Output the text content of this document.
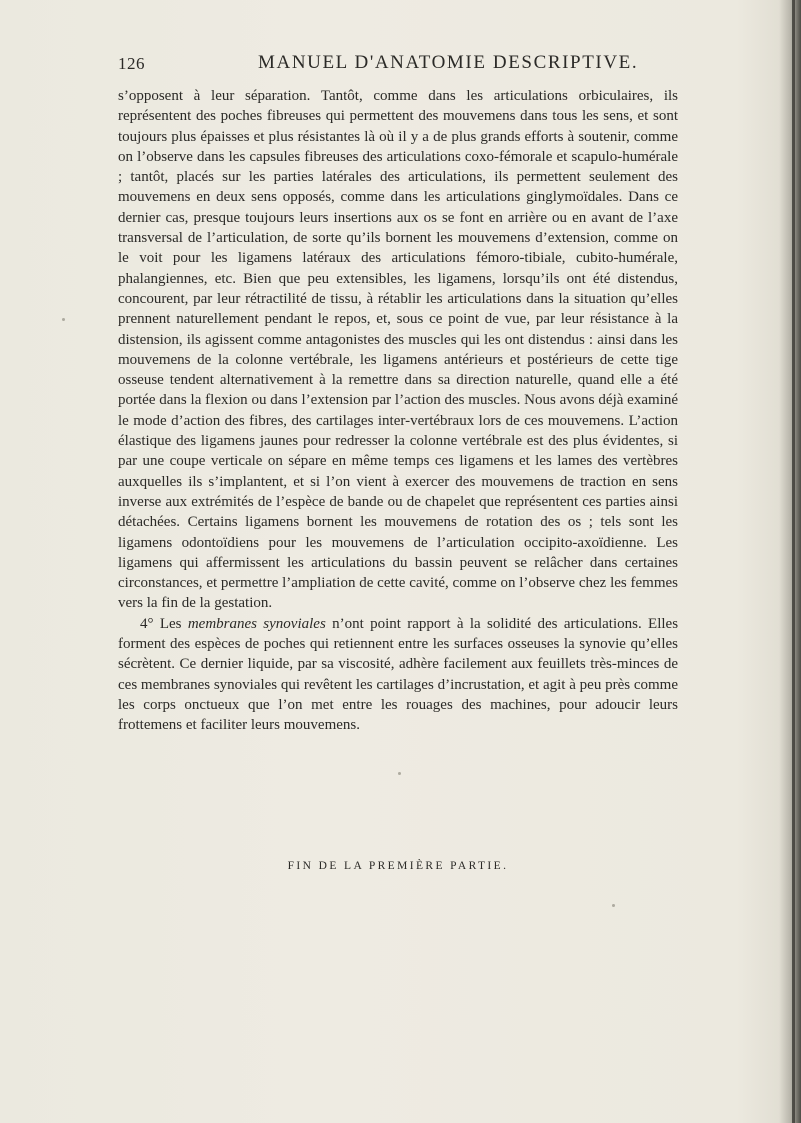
126	MANUEL D'ANATOMIE DESCRIPTIVE.

s’opposent à leur séparation. Tantôt, comme dans les articulations orbiculaires, ils représentent des poches fibreuses qui permettent des mouvemens dans tous les sens, et sont toujours plus épaisses et plus résistantes là où il y a de plus grands efforts à soutenir, comme on l’observe dans les capsules fibreuses des articulations coxo-fémorale et scapulo-humérale ; tantôt, placés sur les parties latérales des articulations, ils permettent seulement des mouvemens en deux sens opposés, comme dans les articulations ginglymoïdales. Dans ce dernier cas, presque toujours leurs insertions aux os se font en arrière ou en avant de l’axe transversal de l’articulation, de sorte qu’ils bornent les mouvemens d’extension, comme on le voit pour les ligamens latéraux des articulations fémoro-tibiale, cubito-humérale, phalangiennes, etc. Bien que peu extensibles, les ligamens, lorsqu’ils ont été distendus, concourent, par leur rétractilité de tissu, à rétablir les articulations dans la situation qu’elles prennent naturellement pendant le repos, et, sous ce point de vue, par leur résistance à la distension, ils agissent comme antagonistes des muscles qui les ont distendus : ainsi dans les mouvemens de la colonne vertébrale, les ligamens antérieurs et postérieurs de cette tige osseuse tendent alternativement à la remettre dans sa direction naturelle, quand elle a été portée dans la flexion ou dans l’extension par l’action des muscles. Nous avons déjà examiné le mode d’action des fibres, des cartilages inter-vertébraux lors de ces mouvemens. L’action élastique des ligamens jaunes pour redresser la colonne vertébrale est des plus évidentes, si par une coupe verticale on sépare en même temps ces ligamens et les lames des vertèbres auxquelles ils s’implantent, et si l’on vient à exercer des mouvemens de traction en sens inverse aux extrémités de l’espèce de bande ou de chapelet que représentent ces parties ainsi détachées. Certains ligamens bornent les mouvemens de rotation des os ; tels sont les ligamens odontoïdiens pour les mouvemens de l’articulation occipito-axoïdienne. Les ligamens qui affermissent les articulations du bassin peuvent se relâcher dans certaines circonstances, et permettre l’ampliation de cette cavité, comme on l’observe chez les femmes vers la fin de la gestation.

4° Les membranes synoviales n’ont point rapport à la solidité des articulations. Elles forment des espèces de poches qui retiennent entre les surfaces osseuses la synovie qu’elles sécrètent. Ce dernier liquide, par sa viscosité, adhère facilement aux feuillets très-minces de ces membranes synoviales qui revêtent les cartilages d’incrustation, et agit à peu près comme les corps onctueux que l’on met entre les rouages des machines, pour adoucir leurs frottemens et faciliter leurs mouvemens.

FIN DE LA PREMIÈRE PARTIE.
